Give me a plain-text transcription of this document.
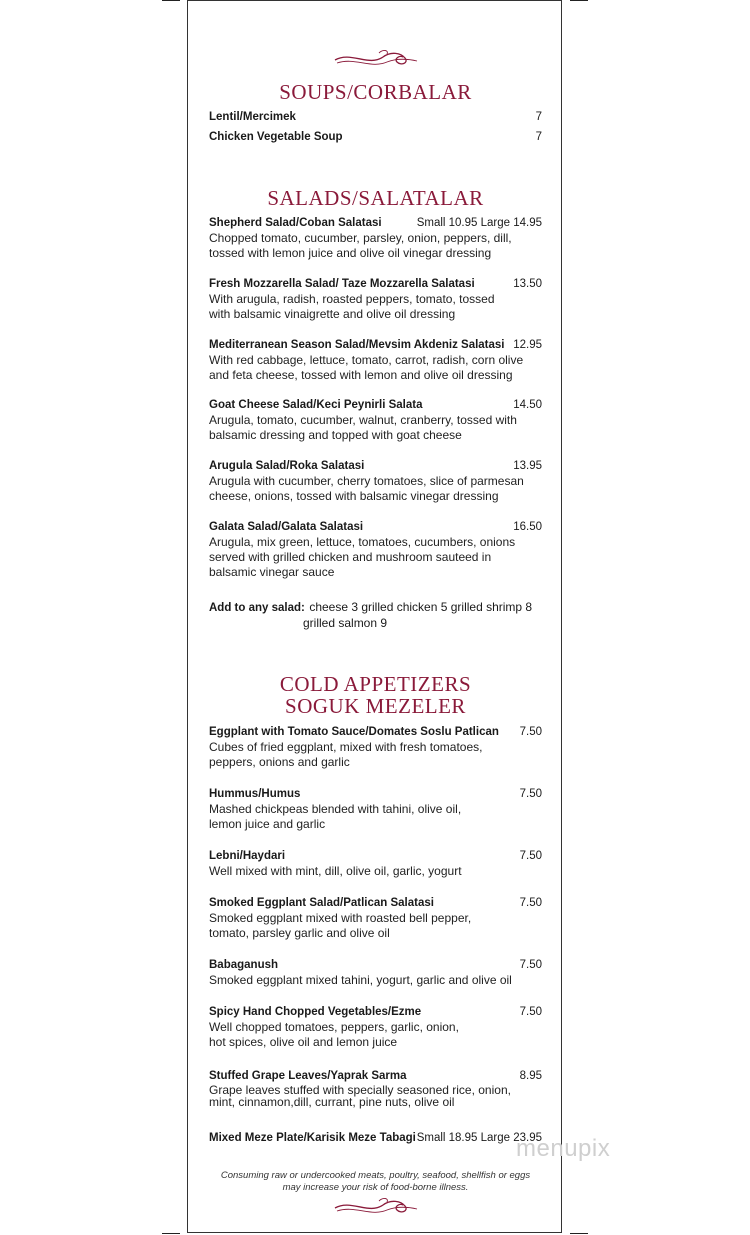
SOUPS/CORBALAR
Lentil/Mercimek	7
Chicken Vegetable Soup	7
SALADS/SALATALAR
Shepherd Salad/Coban Salatasi	Small 10.95 Large 14.95
Chopped tomato, cucumber, parsley, onion, peppers, dill, tossed with lemon juice and olive oil vinegar dressing
Fresh Mozzarella Salad/ Taze Mozzarella Salatasi	13.50
With arugula, radish, roasted peppers, tomato, tossed with balsamic vinaigrette and olive oil dressing
Mediterranean Season Salad/Mevsim Akdeniz Salatasi 12.95
With red cabbage, lettuce, tomato, carrot, radish, corn olive and feta cheese, tossed with lemon and olive oil dressing
Goat Cheese Salad/Keci Peynirli Salata	14.50
Arugula, tomato, cucumber, walnut, cranberry, tossed with balsamic dressing and topped with goat cheese
Arugula Salad/Roka Salatasi	13.95
Arugula with cucumber, cherry tomatoes, slice of parmesan cheese, onions, tossed with balsamic vinegar dressing
Galata Salad/Galata Salatasi	16.50
Arugula, mix green, lettuce, tomatoes, cucumbers, onions served with grilled chicken and mushroom sauteed in balsamic vinegar sauce
Add to any salad: cheese 3 grilled chicken 5 grilled shrimp 8
grilled salmon 9
COLD APPETIZERS
SOGUK MEZELER
Eggplant with Tomato Sauce/Domates Soslu Patlican	7.50
Cubes of fried eggplant, mixed with fresh tomatoes, peppers, onions and garlic
Hummus/Humus	7.50
Mashed chickpeas blended with tahini, olive oil, lemon juice and garlic
Lebni/Haydari	7.50
Well mixed with mint, dill, olive oil, garlic, yogurt
Smoked Eggplant Salad/Patlican Salatasi	7.50
Smoked eggplant mixed with roasted bell pepper, tomato, parsley garlic and olive oil
Babaganush	7.50
Smoked eggplant mixed tahini, yogurt, garlic and olive oil
Spicy Hand Chopped Vegetables/Ezme	7.50
Well chopped tomatoes, peppers, garlic, onion, hot spices, olive oil and lemon juice
Stuffed Grape Leaves/Yaprak Sarma	8.95
Grape leaves stuffed with specially seasoned rice, onion, mint, cinnamon,dill, currant, pine nuts, olive oil
Mixed Meze Plate/Karisik Meze Tabagi Small 18.95 Large 23.95
Consuming raw or undercooked meats, poultry, seafood, shellfish or eggs
may increase your risk of food-borne illness.
menupix
